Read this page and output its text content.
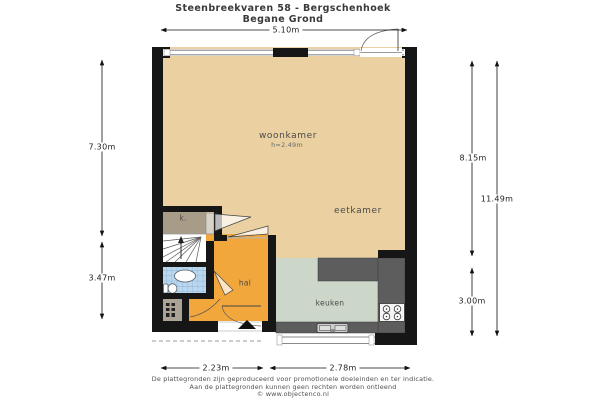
Steenbreekvaren 58 - Bergschenhoek
Begane Grond
woonkamer
h=2.49m
eetkamer
hal
keuken
k.
5.10m
7.30m
3.47m
8.15m
11.49m
3.00m
2.23m	2.78m
De plattegronden zijn geproduceerd voor promotionele doeleinden en ter indicatie.
Aan de plattegronden kunnen geen rechten worden ontleend
© www.objectenco.nl
